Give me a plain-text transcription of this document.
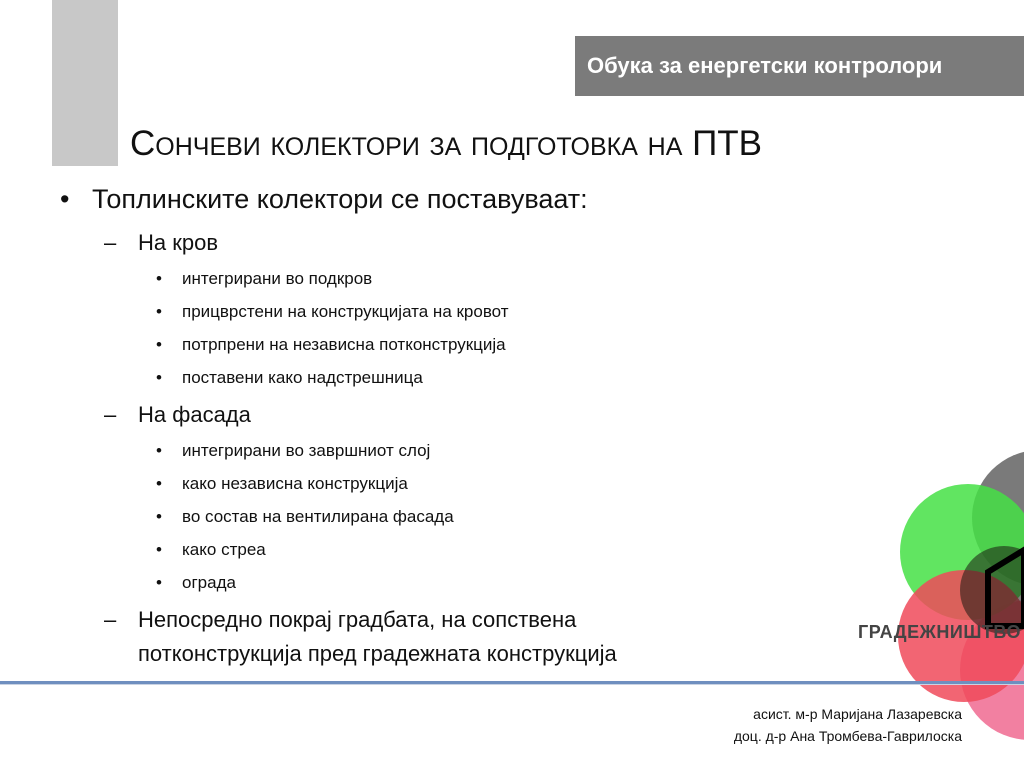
Обука за енергетски контролори
Сончеви колектори за подготовка на ПТВ
• Топлинските колектори се поставуваат:
– На кров
• интегрирани во подкров
• прицврстени на конструкцијата на кровот
• потрпрени на независна потконструкција
• поставени како надстрешница
– На фасада
• интегрирани во завршниот слој
• како независна конструкција
• во состав на вентилирана фасада
• како стреа
• ограда
– Непосредно покрај градбата, на сопствена
потконструкција пред градежната конструкција
ГРАДЕЖНИШТВО
асист. м-р Маријана Лазаревска
доц. д-р Ана Тромбева-Гаврилоска
